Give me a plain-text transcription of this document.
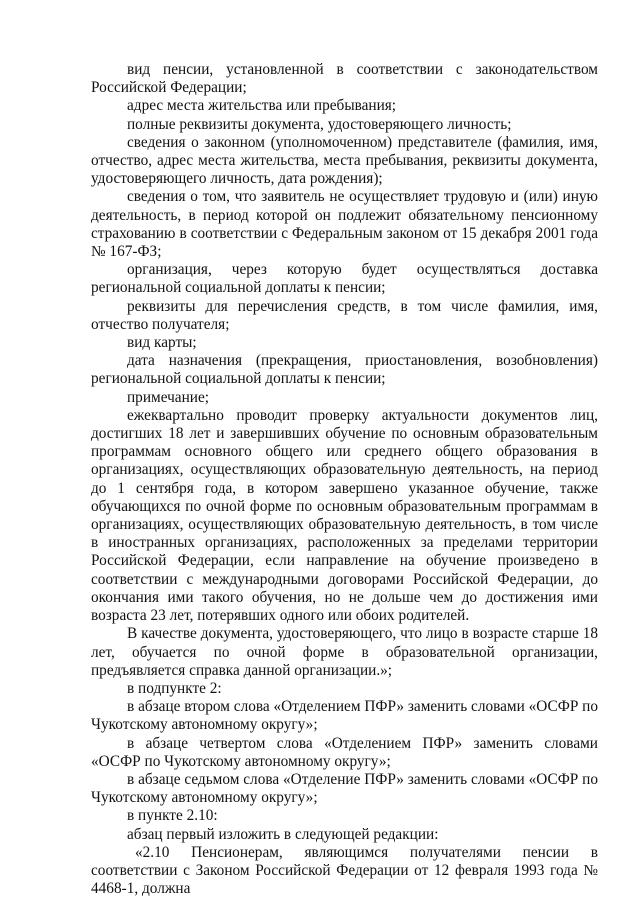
вид пенсии, установленной в соответствии с законодательством Российской Федерации;

адрес места жительства или пребывания;

полные реквизиты документа, удостоверяющего личность;

сведения о законном (уполномоченном) представителе (фамилия, имя, отчество, адрес места жительства, места пребывания, реквизиты документа, удостоверяющего личность, дата рождения);

сведения о том, что заявитель не осуществляет трудовую и (или) иную деятельность, в период которой он подлежит обязательному пенсионному страхованию в соответствии с Федеральным законом от 15 декабря 2001 года № 167-ФЗ;

организация, через которую будет осуществляться доставка региональной социальной доплаты к пенсии;

реквизиты для перечисления средств, в том числе фамилия, имя, отчество получателя;

вид карты;

дата назначения (прекращения, приостановления, возобновления) региональной социальной доплаты к пенсии;

примечание;

ежеквартально проводит проверку актуальности документов лиц, достигших 18 лет и завершивших обучение по основным образовательным программам основного общего или среднего общего образования в организациях, осуществляющих образовательную деятельность, на период до 1 сентября года, в котором завершено указанное обучение, также обучающихся по очной форме по основным образовательным программам в организациях, осуществляющих образовательную деятельность, в том числе в иностранных организациях, расположенных за пределами территории Российской Федерации, если направление на обучение произведено в соответствии с международными договорами Российской Федерации, до окончания ими такого обучения, но не дольше чем до достижения ими возраста 23 лет, потерявших одного или обоих родителей.

В качестве документа, удостоверяющего, что лицо в возрасте старше 18 лет, обучается по очной форме в образовательной организации, предъявляется справка данной организации.»;

в подпункте 2:

в абзаце втором слова «Отделением ПФР» заменить словами «ОСФР по Чукотскому автономному округу»;

в абзаце четвертом слова «Отделением ПФР» заменить словами «ОСФР по Чукотскому автономному округу»;

в абзаце седьмом слова «Отделение ПФР» заменить словами «ОСФР по Чукотскому автономному округу»;

в пункте 2.10:

абзац первый изложить в следующей редакции:

«2.10 Пенсионерам, являющимся получателями пенсии в соответствии с Законом Российской Федерации от 12 февраля 1993 года № 4468-1, должна
